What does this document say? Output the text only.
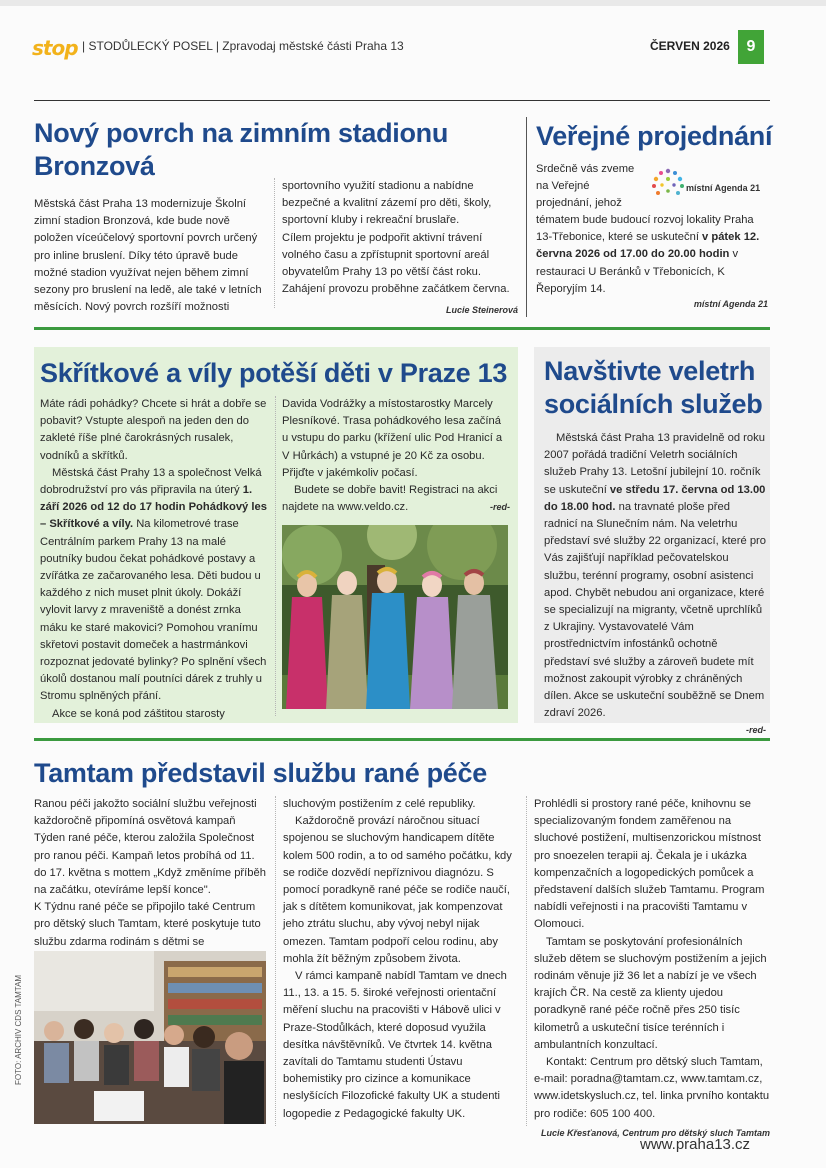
stop | STODŮLECKÝ POSEL | Zpravodaj městské části Praha 13	ČERVEN 2026	9
Nový povrch na zimním stadionu Bronzová

Městská část Praha 13 modernizuje Školní zimní stadion Bronzová, kde bude nově položen víceúčelový sportovní povrch určený pro inline bruslení. Díky této úpravě bude možné stadion využívat nejen během zimní sezony pro bruslení na ledě, ale také v letních měsících. Nový povrch rozšíří možnosti

sportovního využití stadionu a nabídne bezpečné a kvalitní zázemí pro děti, školy, sportovní kluby i rekreační bruslaře.

Cílem projektu je podpořit aktivní trávení volného času a zpřístupnit sportovní areál obyvatelům Prahy 13 po větší část roku. Zahájení provozu proběhne začátkem června.

Lucie Steinerová
Veřejné projednání
Srdečně vás zveme na Veřejné projednání, jehož
místní Agenda 21
tématem bude budoucí rozvoj lokality Praha 13-Třebonice, které se uskuteční v pátek 12. června 2026 od 17.00 do 20.00 hodin v restauraci U Beránků v Třebonicích, K Řeporyjím 14.
místní Agenda 21
Skřítkové a víly potěší děti v Praze 13

Máte rádi pohádky? Chcete si hrát a dobře se pobavit? Vstupte alespoň na jeden den do zakleté říše plné čarokrásných rusalek, vodníků a skřítků.

Městská část Prahy 13 a společnost Velká dobrodružství pro vás připravila na úterý 1. září 2026 od 12 do 17 hodin Pohádkový les – Skřítkové a víly. Na kilometrové trase Centrálním parkem Prahy 13 na malé poutníky budou čekat pohádkové postavy a zvířátka ze začarovaného lesa. Děti budou u každého z nich muset plnit úkoly. Dokáží vylovit larvy z mraveniště a donést zrnka máku ke staré makovici? Pomohou vranímu skřetovi postavit domeček a hastrmánkovi rozpoznat jedovaté bylinky? Po splnění všech úkolů dostanou malí poutníci dárek z truhly u Stromu splněných přání.

Akce se koná pod záštitou starosty

Davida Vodrážky a místostarostky Marcely Plesníkové. Trasa pohádkového lesa začíná u vstupu do parku (křížení ulic Pod Hranicí a V Hůrkách) a vstupné je 20 Kč za osobu. Přijďte v jakémkoliv počasí.

Budete se dobře bavit! Registraci na akci najdete na www.veldo.cz.	-red-

Navštivte veletrh sociálních služeb

Městská část Praha 13 pravidelně od roku 2007 pořádá tradiční Veletrh sociálních služeb Prahy 13. Letošní jubilejní 10. ročník se uskuteční ve středu 17. června od 13.00 do 18.00 hod. na travnaté ploše před radnicí na Slunečním nám. Na veletrhu představí své služby 22 organizací, které pro Vás zajišťují například pečovatelskou službu, terénní programy, osobní asistenci apod. Chybět nebudou ani organizace, které se specializují na migranty, včetně uprchlíků z Ukrajiny. Vystavovatelé Vám prostřednictvím infostánků ochotně představí své služby a zároveň budete mít možnost zakoupit výrobky z chráněných dílen. Akce se uskuteční souběžně se Dnem zdraví 2026.

-red-
Tamtam představil službu rané péče

Ranou péči jakožto sociální službu veřejnosti každoročně připomíná osvětová kampaň Týden rané péče, kterou založila Společnost pro ranou péči. Kampaň letos probíhá od 11. do 17. května s mottem „Když změníme příběh na začátku, otevíráme lepší konce".

K Týdnu rané péče se připojilo také Centrum pro dětský sluch Tamtam, které poskytuje tuto službu zdarma rodinám s dětmi se

FOTO: ARCHIV CDS TAMTAM

sluchovým postižením z celé republiky.

Každoročně provází náročnou situací spojenou se sluchovým handicapem dítěte kolem 500 rodin, a to od samého počátku, kdy se rodiče dozvědí nepříznivou diagnózu. S pomocí poradkyně rané péče se rodiče naučí, jak s dítětem komunikovat, jak kompenzovat jeho ztrátu sluchu, aby vývoj nebyl nijak omezen. Tamtam podpoří celou rodinu, aby mohla žít běžným způsobem života.

V rámci kampaně nabídl Tamtam ve dnech 11., 13. a 15. 5. široké veřejnosti orientační měření sluchu na pracovišti v Hábově ulici v Praze-Stodůlkách, které doposud využila desítka návštěvníků. Ve čtvrtek 14. května zavítali do Tamtamu studenti Ústavu bohemistiky pro cizince a komunikace neslyšících Filozofické fakulty UK a studenti logopedie z Pedagogické fakulty UK.

Prohlédli si prostory rané péče, knihovnu se specializovaným fondem zaměřenou na sluchové postižení, multisenzorickou místnost pro snoezelen terapii aj. Čekala je i ukázka kompenzačních a logopedických pomůcek a představení dalších služeb Tamtamu. Program nabídli veřejnosti i na pracovišti Tamtamu v Olomouci.

Tamtam se poskytování profesionálních služeb dětem se sluchovým postižením a jejich rodinám věnuje již 36 let a nabízí je ve všech krajích ČR. Na cestě za klienty ujedou poradkyně rané péče ročně přes 250 tisíc kilometrů a uskuteční tisíce terénních i ambulantních konzultací.

Kontakt: Centrum pro dětský sluch Tamtam, e-mail: poradna@tamtam.cz, www.tamtam.cz, www.idetskysluch.cz, tel. linka prvního kontaktu pro rodiče: 605 100 400.

Lucie Křesťanová, Centrum pro dětský sluch Tamtam
www.praha13.cz
